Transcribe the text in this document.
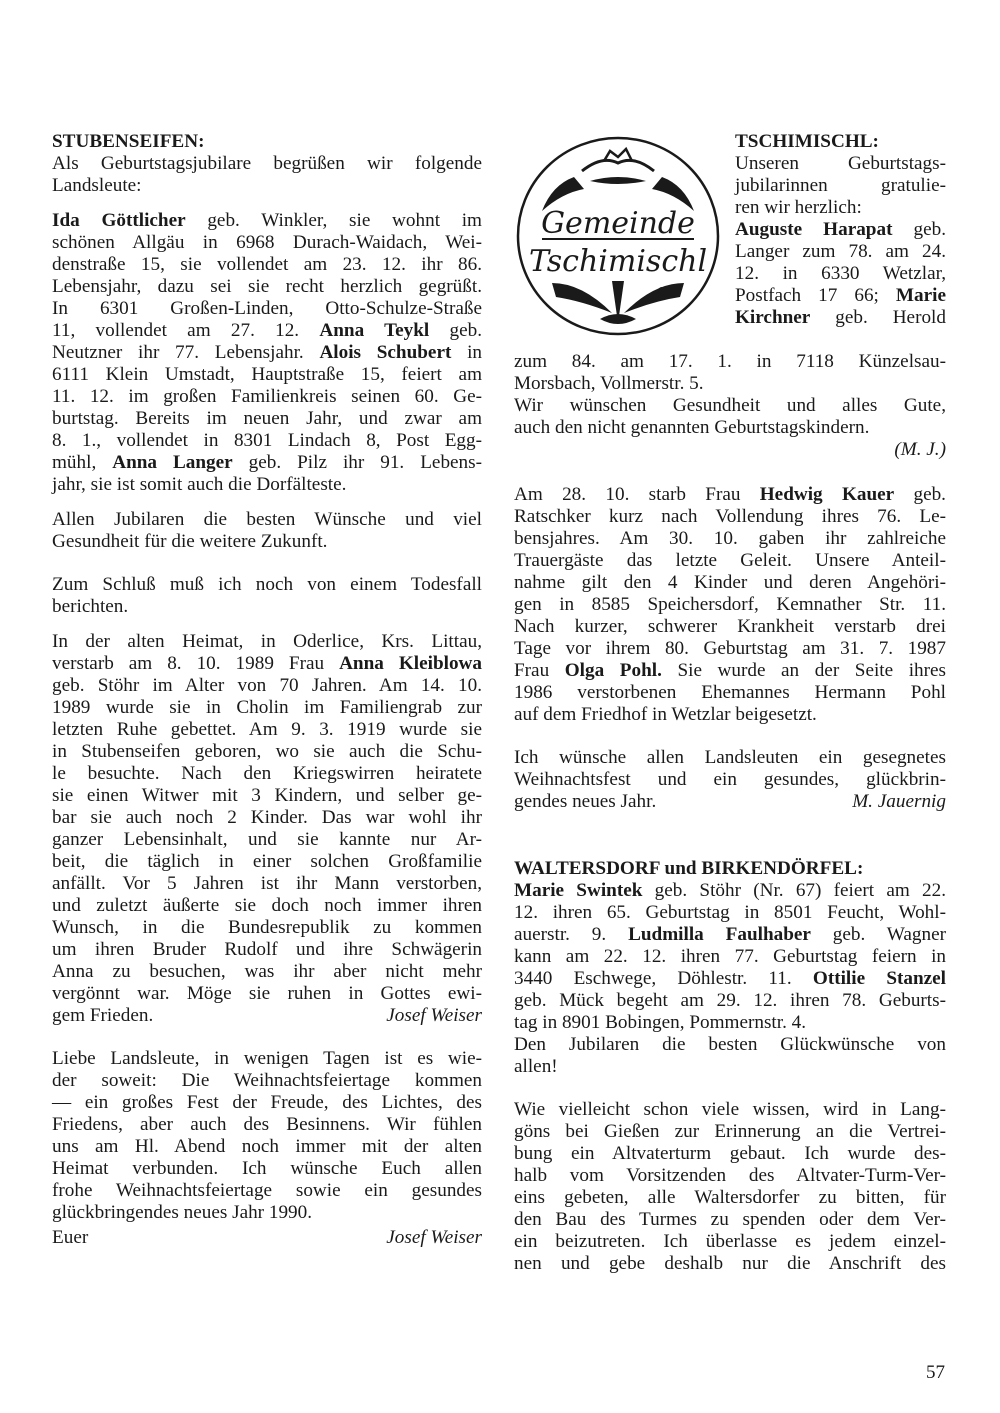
STUBENSEIFEN:
Als Geburtstagsjubilare begrüßen wir folgende
Landsleute:
Ida Göttlicher geb. Winkler, sie wohnt im
schönen Allgäu in 6968 Durach-Waidach, Wei-
denstraße 15, sie vollendet am 23. 12. ihr 86.
Lebensjahr, dazu sei sie recht herzlich gegrüßt.
In 6301 Großen-Linden, Otto-Schulze-Straße
11, vollendet am 27. 12. Anna Teykl geb.
Neutzner ihr 77. Lebensjahr. Alois Schubert in
6111 Klein Umstadt, Hauptstraße 15, feiert am
11. 12. im großen Familienkreis seinen 60. Ge-
burtstag. Bereits im neuen Jahr, und zwar am
8. 1., vollendet in 8301 Lindach 8, Post Egg-
mühl, Anna Langer geb. Pilz ihr 91. Lebens-
jahr, sie ist somit auch die Dorfälteste.
Allen Jubilaren die besten Wünsche und viel
Gesundheit für die weitere Zukunft.
Zum Schluß muß ich noch von einem Todesfall
berichten.
In der alten Heimat, in Oderlice, Krs. Littau,
verstarb am 8. 10. 1989 Frau Anna Kleiblowa
geb. Stöhr im Alter von 70 Jahren. Am 14. 10.
1989 wurde sie in Cholin im Familiengrab zur
letzten Ruhe gebettet. Am 9. 3. 1919 wurde sie
in Stubenseifen geboren, wo sie auch die Schu-
le besuchte. Nach den Kriegswirren heiratete
sie einen Witwer mit 3 Kindern, und selber ge-
bar sie auch noch 2 Kinder. Das war wohl ihr
ganzer Lebensinhalt, und sie kannte nur Ar-
beit, die täglich in einer solchen Großfamilie
anfällt. Vor 5 Jahren ist ihr Mann verstorben,
und zuletzt äußerte sie doch noch immer ihren
Wunsch, in die Bundesrepublik zu kommen
um ihren Bruder Rudolf und ihre Schwägerin
Anna zu besuchen, was ihr aber nicht mehr
vergönnt war. Möge sie ruhen in Gottes ewi-
gem Frieden.	Josef Weiser
Liebe Landsleute, in wenigen Tagen ist es wie-
der soweit: Die Weihnachtsfeiertage kommen
— ein großes Fest der Freude, des Lichtes, des
Friedens, aber auch des Besinnens. Wir fühlen
uns am Hl. Abend noch immer mit der alten
Heimat verbunden. Ich wünsche Euch allen
frohe Weihnachtsfeiertage sowie ein gesundes
glückbringendes neues Jahr 1990.
Euer	Josef Weiser
Gemeinde
Tschimischl
TSCHIMISCHL:
Unseren Geburtstags-
jubilarinnen gratulie-
ren wir herzlich:
Auguste Harapat geb.
Langer zum 78. am 24.
12. in 6330 Wetzlar,
Postfach 17 66; Marie
Kirchner geb. Herold
zum 84. am 17. 1. in 7118 Künzelsau-
Morsbach, Vollmerstr. 5.
Wir wünschen Gesundheit und alles Gute,
auch den nicht genannten Geburtstagskindern.
(M. J.)
Am 28. 10. starb Frau Hedwig Kauer geb.
Ratschker kurz nach Vollendung ihres 76. Le-
bensjahres. Am 30. 10. gaben ihr zahlreiche
Trauergäste das letzte Geleit. Unsere Anteil-
nahme gilt den 4 Kinder und deren Angehöri-
gen in 8585 Speichersdorf, Kemnather Str. 11.
Nach kurzer, schwerer Krankheit verstarb drei
Tage vor ihrem 80. Geburtstag am 31. 7. 1987
Frau Olga Pohl. Sie wurde an der Seite ihres
1986 verstorbenen Ehemannes Hermann Pohl
auf dem Friedhof in Wetzlar beigesetzt.
Ich wünsche allen Landsleuten ein gesegnetes
Weihnachtsfest und ein gesundes, glückbrin-
gendes neues Jahr.	M. Jauernig
WALTERSDORF und BIRKENDÖRFEL:
Marie Swintek geb. Stöhr (Nr. 67) feiert am 22.
12. ihren 65. Geburtstag in 8501 Feucht, Wohl-
auerstr. 9. Ludmilla Faulhaber geb. Wagner
kann am 22. 12. ihren 77. Geburtstag feiern in
3440 Eschwege, Döhlestr. 11. Ottilie Stanzel
geb. Mück begeht am 29. 12. ihren 78. Geburts-
tag in 8901 Bobingen, Pommernstr. 4.
Den Jubilaren die besten Glückwünsche von
allen!
Wie vielleicht schon viele wissen, wird in Lang-
göns bei Gießen zur Erinnerung an die Vertrei-
bung ein Altvaterturm gebaut. Ich wurde des-
halb vom Vorsitzenden des Altvater-Turm-Ver-
eins gebeten, alle Waltersdorfer zu bitten, für
den Bau des Turmes zu spenden oder dem Ver-
ein beizutreten. Ich überlasse es jedem einzel-
nen und gebe deshalb nur die Anschrift des
57
